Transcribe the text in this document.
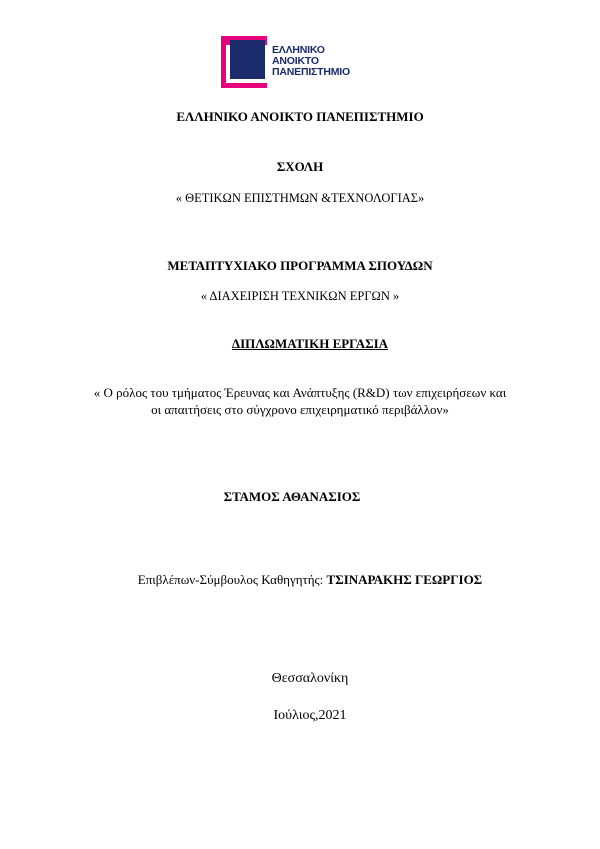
ΕΛΛΗΝΙΚΟ
ΑΝΟΙΚΤΟ
ΠΑΝΕΠΙΣΤΗΜΙΟ
ΕΛΛΗΝΙΚΟ ΑΝΟΙΚΤΟ ΠΑΝΕΠΙΣΤΗΜΙΟ
ΣΧΟΛΗ
« ΘΕΤΙΚΩΝ ΕΠΙΣΤΗΜΩΝ &ΤΕΧΝΟΛΟΓΙΑΣ»
ΜΕΤΑΠΤΥΧΙΑΚΟ ΠΡΟΓΡΑΜΜΑ ΣΠΟΥΔΩΝ
« ΔΙΑΧΕΙΡΙΣΗ ΤΕΧΝΙΚΩΝ ΕΡΓΩΝ »
ΔΙΠΛΩΜΑΤΙΚΗ ΕΡΓΑΣΙΑ
« Ο ρόλος του τμήματος Έρευνας και Ανάπτυξης (R&D) των επιχειρήσεων και
οι απαιτήσεις στο σύγχρονο επιχειρηματικό περιβάλλον»
ΣΤΑΜΟΣ ΑΘΑΝΑΣΙΟΣ
Επιβλέπων-Σύμβουλος Καθηγητής: ΤΣΙΝΑΡΑΚΗΣ ΓΕΩΡΓΙΟΣ
Θεσσαλονίκη
Ιούλιος,2021
